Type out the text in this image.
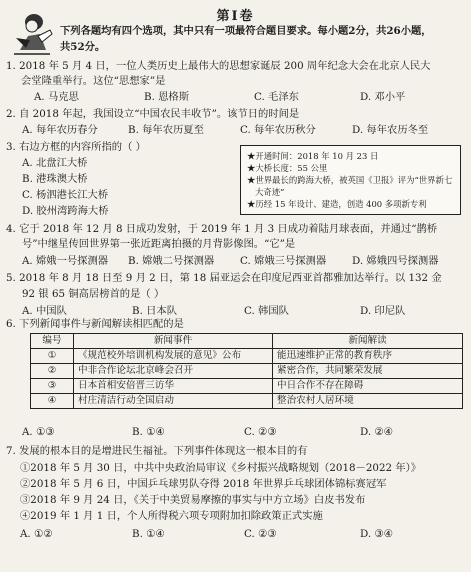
第Ⅰ卷
下列各题均有四个选项，其中只有一项最符合题目要求。每小题2分，共26小题，
共52分。
1. 2018 年 5 月 4 日，一位人类历史上最伟大的思想家诞辰 200 周年纪念大会在北京人民大
会堂隆重举行。这位“思想家”是
A. 马克思	B. 恩格斯	C. 毛泽东	D. 邓小平
2. 自 2018 年起，我国设立“中国农民丰收节”。该节日的时间是
A. 每年农历春分	B. 每年农历夏至	C. 每年农历秋分	D. 每年农历冬至
3. 右边方框的内容所指的（ ）
A. 北盘江大桥
B. 港珠澳大桥
C. 杨泗港长江大桥
D. 胶州湾跨海大桥
★开通时间：2018 年 10 月 23 日
★大桥长度：55 公里
★世界最长的跨海大桥，被英国《卫报》评为“世界新七
大奇迹”
★历经 15 年设计、建造，创造 400 多项新专利
4. 它于 2018 年 12 月 8 日成功发射，于 2019 年 1 月 3 日成功着陆月球表面，并通过“鹊桥
号”中继星传回世界第一张近距离拍摄的月背影像图。“它”是
A. 嫦娥一号探测器 B. 嫦娥二号探测器	C. 嫦娥三号探测器	D. 嫦娥四号探测器
5. 2018 年 8 月 18 日至 9 月 2 日，第 18 届亚运会在印度尼西亚首都雅加达举行。以 132 金
92 银 65 铜高居榜首的是（ ）
A. 中国队	B. 日本队	C. 韩国队	D. 印尼队
6. 下列新闻事件与新闻解读相匹配的是
编号	新闻事件	新闻解读
①	《规范校外培训机构发展的意见》公布	能迅速维护正常的教育秩序
②	中非合作论坛北京峰会召开	紧密合作，共同繁荣发展
③	日本首相安倍晋三访华	中日合作不存在障碍
④	村庄清洁行动全国启动	整治农村人居环境
A. ①③	B. ①④	C. ②③	D. ②④
7. 发展的根本目的是增进民生福祉。下列事件体现这一根本目的有
①2018 年 5 月 30 日，中共中央政治局审议《乡村振兴战略规划（2018－2022 年）》
②2018 年 5 月 6 日，中国乒乓球男队夺得 2018 年世界乒乓球团体锦标赛冠军
③2018 年 9 月 24 日，《关于中美贸易摩擦的事实与中方立场》白皮书发布
④2019 年 1 月 1 日，个人所得税六项专项附加扣除政策正式实施
A. ①②	B. ①④	C. ②③	D. ③④
